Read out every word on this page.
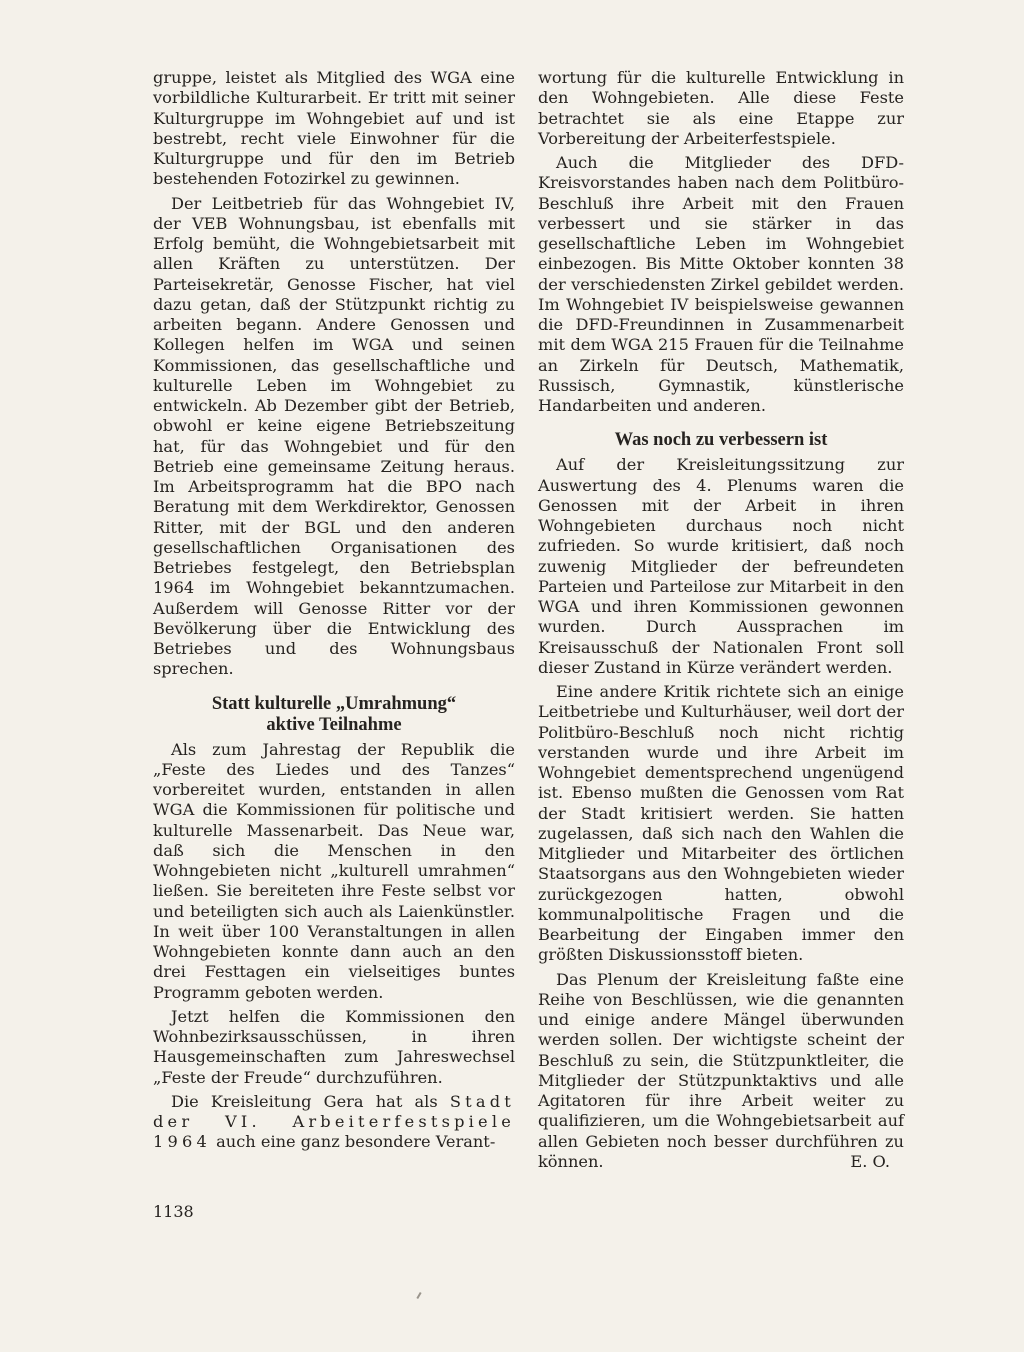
gruppe, leistet als Mitglied des WGA eine vorbildliche Kulturarbeit. Er tritt mit seiner Kulturgruppe im Wohngebiet auf und ist bestrebt, recht viele Einwohner für die Kulturgruppe und für den im Betrieb bestehenden Fotozirkel zu gewinnen.

Der Leitbetrieb für das Wohngebiet IV, der VEB Wohnungsbau, ist ebenfalls mit Erfolg bemüht, die Wohngebietsarbeit mit allen Kräften zu unterstützen. Der Parteisekretär, Genosse Fischer, hat viel dazu getan, daß der Stützpunkt richtig zu arbeiten begann. Andere Genossen und Kollegen helfen im WGA und seinen Kommissionen, das gesellschaftliche und kulturelle Leben im Wohngebiet zu entwickeln. Ab Dezember gibt der Betrieb, obwohl er keine eigene Betriebszeitung hat, für das Wohngebiet und für den Betrieb eine gemeinsame Zeitung heraus. Im Arbeitsprogramm hat die BPO nach Beratung mit dem Werkdirektor, Genossen Ritter, mit der BGL und den anderen gesellschaftlichen Organisationen des Betriebes festgelegt, den Betriebsplan 1964 im Wohngebiet bekanntzumachen. Außerdem will Genosse Ritter vor der Bevölkerung über die Entwicklung des Betriebes und des Wohnungsbaus sprechen.

Statt kulturelle „Umrahmung“
aktive Teilnahme

Als zum Jahrestag der Republik die „Feste des Liedes und des Tanzes“ vorbereitet wurden, entstanden in allen WGA die Kommissionen für politische und kulturelle Massenarbeit. Das Neue war, daß sich die Menschen in den Wohngebieten nicht „kulturell umrahmen“ ließen. Sie bereiteten ihre Feste selbst vor und beteiligten sich auch als Laienkünstler. In weit über 100 Veranstaltungen in allen Wohngebieten konnte dann auch an den drei Festtagen ein vielseitiges buntes Programm geboten werden.

Jetzt helfen die Kommissionen den Wohnbezirksausschüssen, in ihren Hausgemeinschaften zum Jahreswechsel „Feste der Freude“ durchzuführen.

Die Kreisleitung Gera hat als Stadt der VI. Arbeiterfestspiele 1964 auch eine ganz besondere Verant-

wortung für die kulturelle Entwicklung in den Wohngebieten. Alle diese Feste betrachtet sie als eine Etappe zur Vorbereitung der Arbeiterfestspiele.

Auch die Mitglieder des DFD-Kreisvorstandes haben nach dem Politbüro-Beschluß ihre Arbeit mit den Frauen verbessert und sie stärker in das gesellschaftliche Leben im Wohngebiet einbezogen. Bis Mitte Oktober konnten 38 der verschiedensten Zirkel gebildet werden. Im Wohngebiet IV beispielsweise gewannen die DFD-Freundinnen in Zusammenarbeit mit dem WGA 215 Frauen für die Teilnahme an Zirkeln für Deutsch, Mathematik, Russisch, Gymnastik, künstlerische Handarbeiten und anderen.

Was noch zu verbessern ist

Auf der Kreisleitungssitzung zur Auswertung des 4. Plenums waren die Genossen mit der Arbeit in ihren Wohngebieten durchaus noch nicht zufrieden. So wurde kritisiert, daß noch zuwenig Mitglieder der befreundeten Parteien und Parteilose zur Mitarbeit in den WGA und ihren Kommissionen gewonnen wurden. Durch Aussprachen im Kreisausschuß der Nationalen Front soll dieser Zustand in Kürze verändert werden.

Eine andere Kritik richtete sich an einige Leitbetriebe und Kulturhäuser, weil dort der Politbüro-Beschluß noch nicht richtig verstanden wurde und ihre Arbeit im Wohngebiet dementsprechend ungenügend ist. Ebenso mußten die Genossen vom Rat der Stadt kritisiert werden. Sie hatten zugelassen, daß sich nach den Wahlen die Mitglieder und Mitarbeiter des örtlichen Staatsorgans aus den Wohngebieten wieder zurückgezogen hatten, obwohl kommunalpolitische Fragen und die Bearbeitung der Eingaben immer den größten Diskussionsstoff bieten.

Das Plenum der Kreisleitung faßte eine Reihe von Beschlüssen, wie die genannten und einige andere Mängel überwunden werden sollen. Der wichtigste scheint der Beschluß zu sein, die Stützpunktleiter, die Mitglieder der Stützpunktaktivs und alle Agitatoren für ihre Arbeit weiter zu qualifizieren, um die Wohngebietsarbeit auf allen Gebieten noch besser durchführen zu können.	E. O.

1138
